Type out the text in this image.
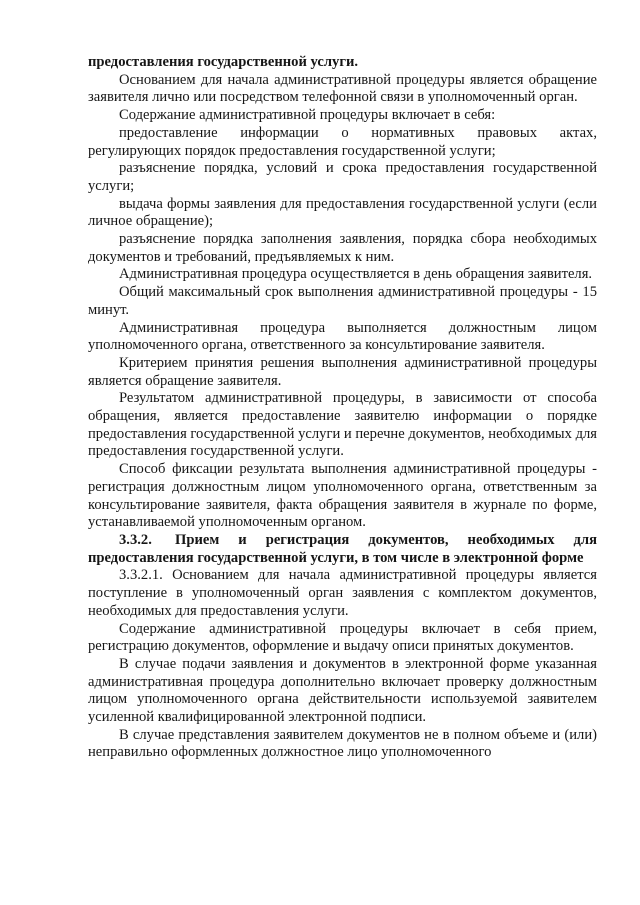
предоставления государственной услуги.

Основанием для начала административной процедуры является обращение заявителя лично или посредством телефонной связи в уполномоченный орган.

Содержание административной процедуры включает в себя:

предоставление информации о нормативных правовых актах, регулирующих порядок предоставления государственной услуги;

разъяснение порядка, условий и срока предоставления государственной услуги;

выдача формы заявления для предоставления государственной услуги (если личное обращение);

разъяснение порядка заполнения заявления, порядка сбора необходимых документов и требований, предъявляемых к ним.

Административная процедура осуществляется в день обращения заявителя.

Общий максимальный срок выполнения административной процедуры - 15 минут.

Административная процедура выполняется должностным лицом уполномоченного органа, ответственного за консультирование заявителя.

Критерием принятия решения выполнения административной процедуры является обращение заявителя.

Результатом административной процедуры, в зависимости от способа обращения, является предоставление заявителю информации о порядке предоставления государственной услуги и перечне документов, необходимых для предоставления государственной услуги.

Способ фиксации результата выполнения административной процедуры - регистрация должностным лицом уполномоченного органа, ответственным за консультирование заявителя, факта обращения заявителя в журнале по форме, устанавливаемой уполномоченным органом.

3.3.2. Прием и регистрация документов, необходимых для предоставления государственной услуги, в том числе в электронной форме

3.3.2.1. Основанием для начала административной процедуры является поступление в уполномоченный орган заявления с комплектом документов, необходимых для предоставления услуги.

Содержание административной процедуры включает в себя прием, регистрацию документов, оформление и выдачу описи принятых документов.

В случае подачи заявления и документов в электронной форме указанная административная процедура дополнительно включает проверку должностным лицом уполномоченного органа действительности используемой заявителем усиленной квалифицированной электронной подписи.

В случае представления заявителем документов не в полном объеме и (или) неправильно оформленных должностное лицо уполномоченного
